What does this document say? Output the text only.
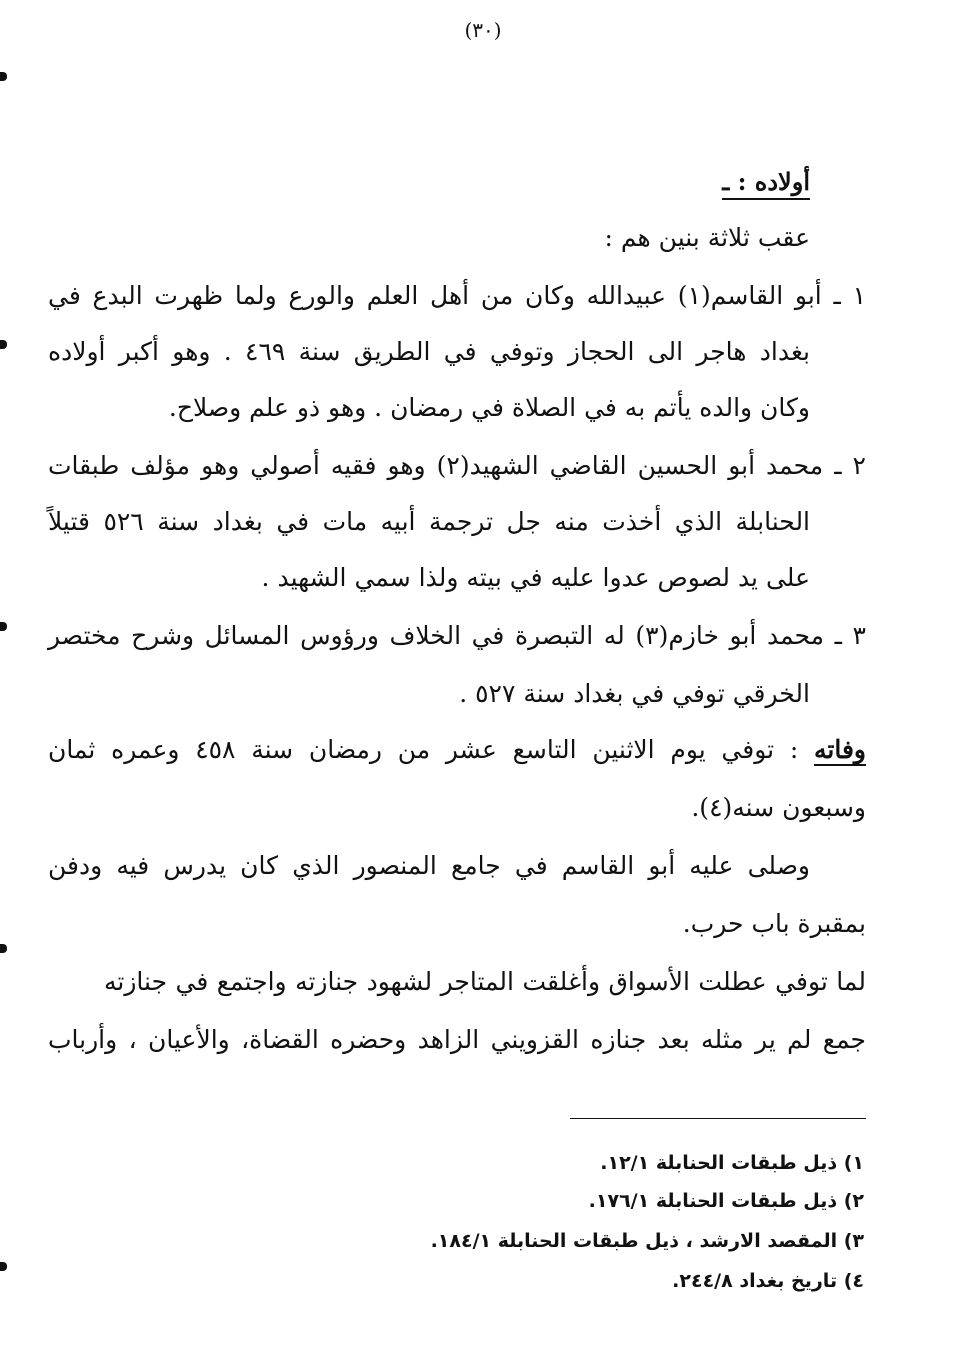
(٣٠)
أولاده : ـ
عقب ثلاثة بنين هم :
١ ـ أبو القاسم(١) عبيدالله وكان من أهل العلم والورع ولما ظهرت البدع في
بغداد هاجر الى الحجاز وتوفي في الطريق سنة ٤٦٩ . وهو أكبر أولاده
وكان والده يأتم به في الصلاة في رمضان . وهو ذو علم وصلاح.
٢ ـ محمد أبو الحسين القاضي الشهيد(٢) وهو فقيه أصولي وهو مؤلف طبقات
الحنابلة الذي أخذت منه جل ترجمة أبيه مات في بغداد سنة ٥٢٦ قتيلاً
على يد لصوص عدوا عليه في بيته ولذا سمي الشهيد .
٣ ـ محمد أبو خازم(٣) له التبصرة في الخلاف ورؤوس المسائل وشرح مختصر
الخرقي توفي في بغداد سنة ٥٢٧ .
وفاته : توفي يوم الاثنين التاسع عشر من رمضان سنة ٤٥٨ وعمره ثمان
وسبعون سنه(٤).
وصلى عليه أبو القاسم في جامع المنصور الذي كان يدرس فيه ودفن
بمقبرة باب حرب.
لما توفي عطلت الأسواق وأغلقت المتاجر لشهود جنازته واجتمع في جنازته
جمع لم ير مثله بعد جنازه القزويني الزاهد وحضره القضاة، والأعيان ، وأرباب
١) ذيل طبقات الحنابلة ١٢/١.
٢) ذيل طبقات الحنابلة ١٧٦/١.
٣) المقصد الارشد ، ذيل طبقات الحنابلة ١٨٤/١.
٤) تاريخ بغداد ٢٤٤/٨.
